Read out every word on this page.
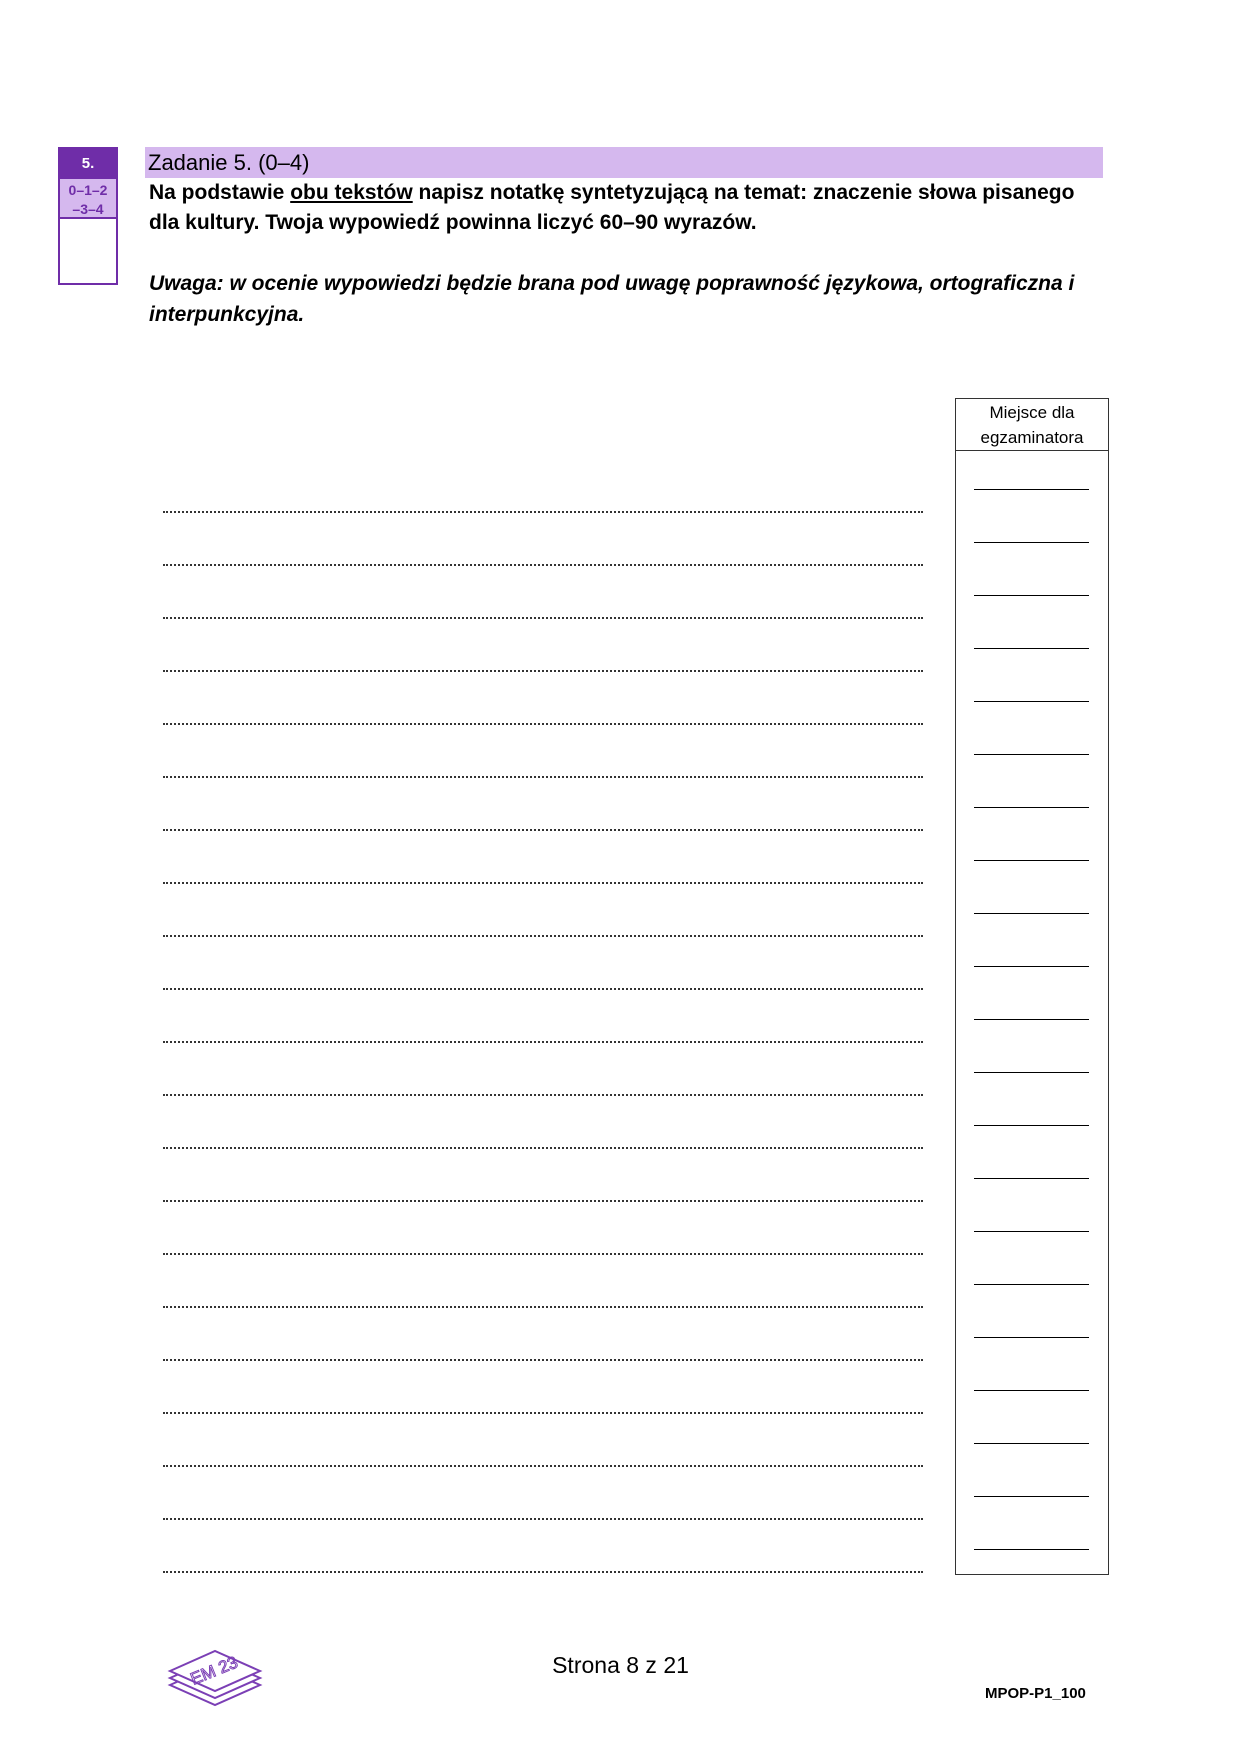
5.
0–1–2
–3–4
Zadanie 5. (0–4)
Na podstawie obu tekstów napisz notatkę syntetyzującą na temat: znaczenie słowa pisanego dla kultury. Twoja wypowiedź powinna liczyć 60–90 wyrazów.
Uwaga: w ocenie wypowiedzi będzie brana pod uwagę poprawność językowa, ortograficzna i interpunkcyjna.
Miejsce dla
egzaminatora
EM 23	Strona 8 z 21
MPOP-P1_100
